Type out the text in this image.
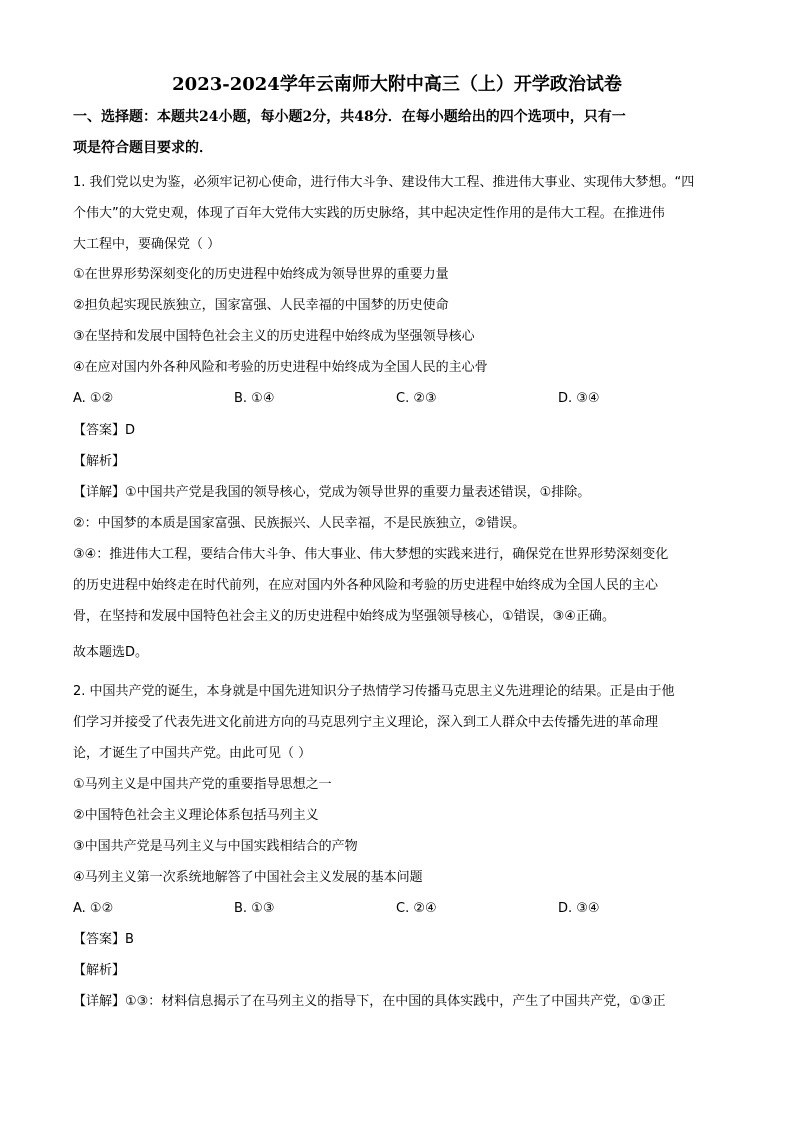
2023-2024学年云南师大附中高三（上）开学政治试卷
一、选择题：本题共24小题，每小题2分，共48分．在每小题给出的四个选项中，只有一
项是符合题目要求的．
1. 我们党以史为鉴，必须牢记初心使命，进行伟大斗争、建设伟大工程、推进伟大事业、实现伟大梦想。“四
个伟大”的大党史观，体现了百年大党伟大实践的历史脉络，其中起决定性作用的是伟大工程。在推进伟
大工程中，要确保党（ ）
①在世界形势深刻变化的历史进程中始终成为领导世界的重要力量
②担负起实现民族独立，国家富强、人民幸福的中国梦的历史使命
③在坚持和发展中国特色社会主义的历史进程中始终成为坚强领导核心
④在应对国内外各种风险和考验的历史进程中始终成为全国人民的主心骨
A. ①②	B. ①④	C. ②③	D. ③④
【答案】D
【解析】
【详解】①中国共产党是我国的领导核心，党成为领导世界的重要力量表述错误，①排除。
②：中国梦的本质是国家富强、民族振兴、人民幸福，不是民族独立，②错误。
③④：推进伟大工程，要结合伟大斗争、伟大事业、伟大梦想的实践来进行，确保党在世界形势深刻变化
的历史进程中始终走在时代前列，在应对国内外各种风险和考验的历史进程中始终成为全国人民的主心
骨，在坚持和发展中国特色社会主义的历史进程中始终成为坚强领导核心，①错误，③④正确。
故本题选D。
2. 中国共产党的诞生，本身就是中国先进知识分子热情学习传播马克思主义先进理论的结果。正是由于他
们学习并接受了代表先进文化前进方向的马克思列宁主义理论，深入到工人群众中去传播先进的革命理
论，才诞生了中国共产党。由此可见（ ）
①马列主义是中国共产党的重要指导思想之一
②中国特色社会主义理论体系包括马列主义
③中国共产党是马列主义与中国实践相结合的产物
④马列主义第一次系统地解答了中国社会主义发展的基本问题
A. ①②	B. ①③	C. ②④	D. ③④
【答案】B
【解析】
【详解】①③：材料信息揭示了在马列主义的指导下，在中国的具体实践中，产生了中国共产党，①③正
